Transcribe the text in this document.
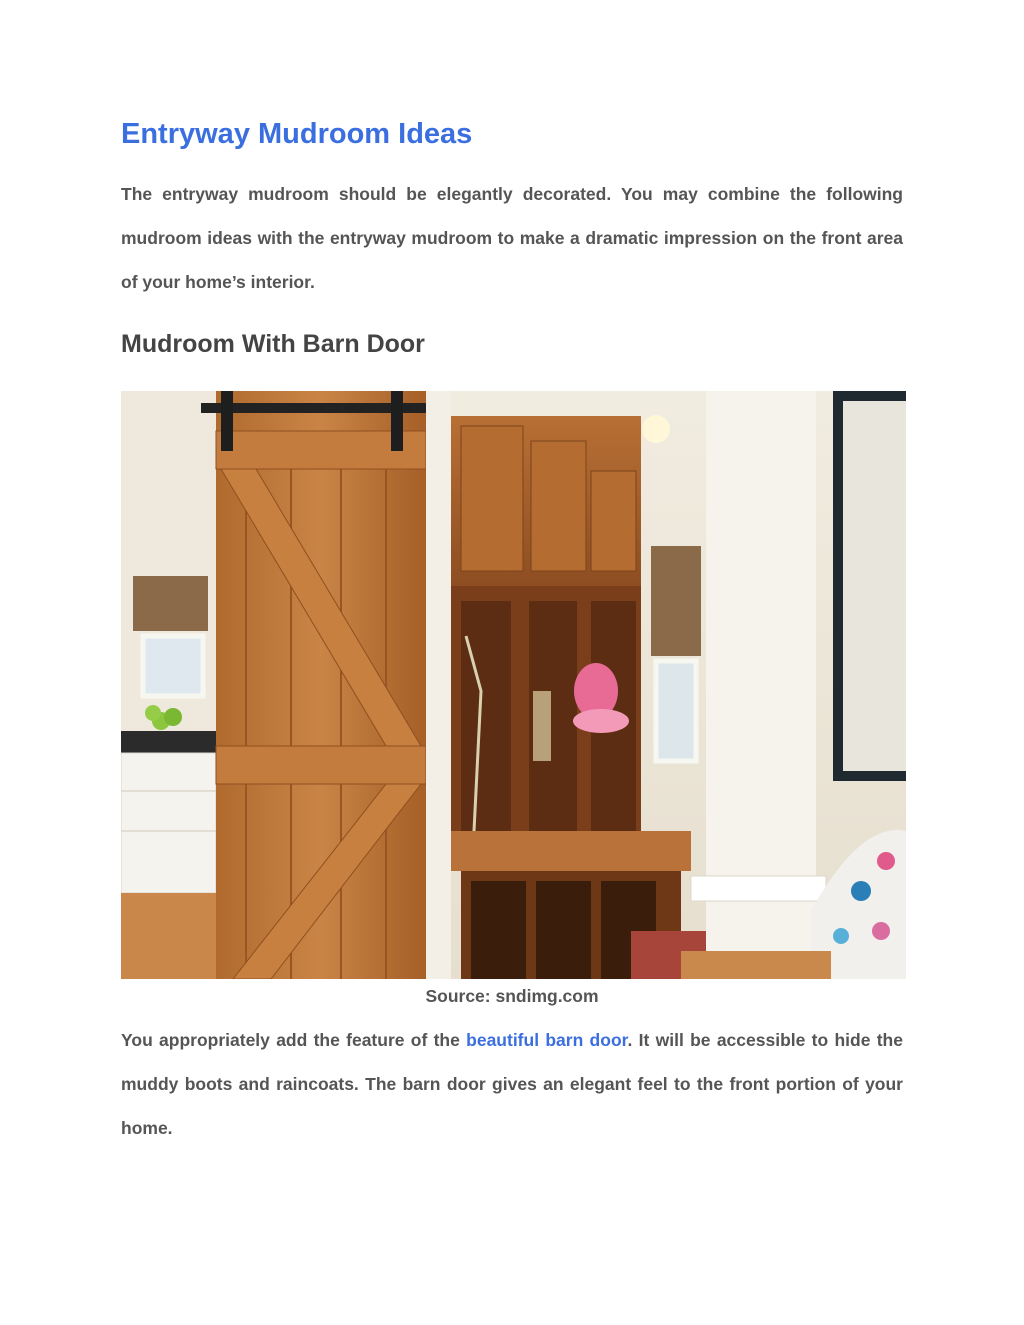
Entryway Mudroom Ideas

The entryway mudroom should be elegantly decorated. You may combine the following mudroom ideas with the entryway mudroom to make a dramatic impression on the front area of your home’s interior.

Mudroom With Barn Door

Source: sndimg.com

You appropriately add the feature of the beautiful barn door. It will be accessible to hide the muddy boots and raincoats. The barn door gives an elegant feel to the front portion of your home.
